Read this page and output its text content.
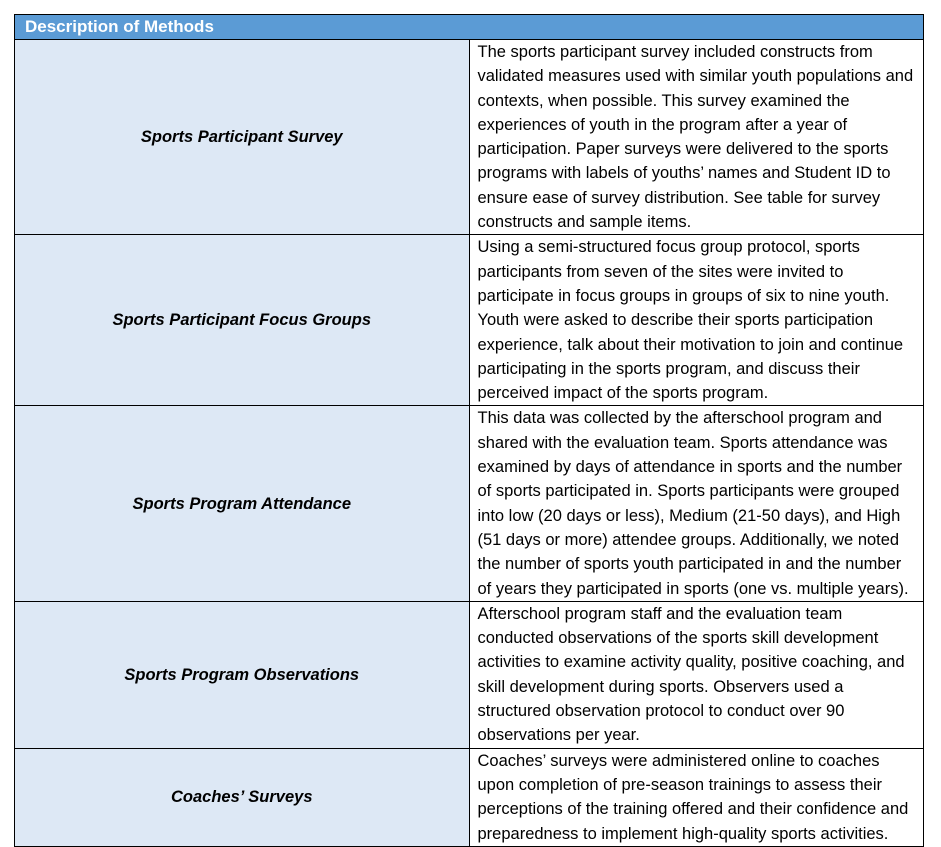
Description of Methods	
Sports Participant Survey	The sports participant survey included constructs from validated measures used with similar youth populations and contexts, when possible. This survey examined the experiences of youth in the program after a year of participation. Paper surveys were delivered to the sports programs with labels of youths’ names and Student ID to ensure ease of survey distribution. See table for survey constructs and sample items.
Sports Participant Focus Groups	Using a semi-structured focus group protocol, sports participants from seven of the sites were invited to participate in focus groups in groups of six to nine youth. Youth were asked to describe their sports participation experience, talk about their motivation to join and continue participating in the sports program, and discuss their perceived impact of the sports program.
Sports Program Attendance	This data was collected by the afterschool program and shared with the evaluation team. Sports attendance was examined by days of attendance in sports and the number of sports participated in. Sports participants were grouped into low (20 days or less), Medium (21-50 days), and High (51 days or more) attendee groups. Additionally, we noted the number of sports youth participated in and the number of years they participated in sports (one vs. multiple years).
Sports Program Observations	Afterschool program staff and the evaluation team conducted observations of the sports skill development activities to examine activity quality, positive coaching, and skill development during sports. Observers used a structured observation protocol to conduct over 90 observations per year.
Coaches’ Surveys	Coaches’ surveys were administered online to coaches upon completion of pre-season trainings to assess their perceptions of the training offered and their confidence and preparedness to implement high-quality sports activities.
